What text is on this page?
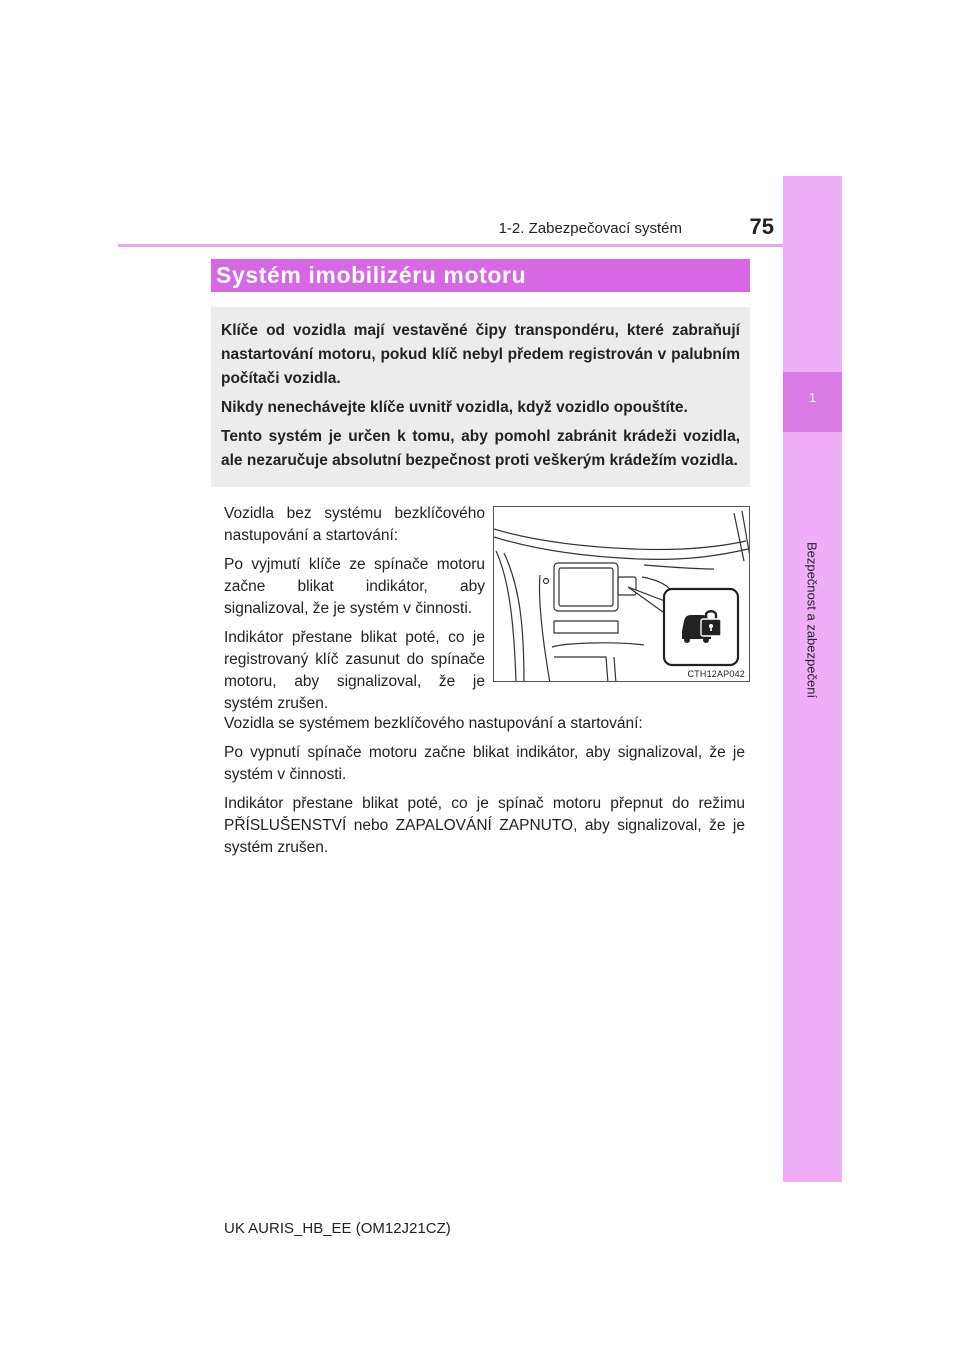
1-2. Zabezpečovací systém	75
1
Bezpečnost a zabezpečení
Systém imobilizéru motoru

Klíče od vozidla mají vestavěné čipy transpondéru, které zabraňují nastartování motoru, pokud klíč nebyl předem registrován v palubním počítači vozidla.

Nikdy nenechávejte klíče uvnitř vozidla, když vozidlo opouštíte.

Tento systém je určen k tomu, aby pomohl zabránit krádeži vozidla, ale nezaručuje absolutní bezpečnost proti veškerým krádežím vozidla.

Vozidla bez systému bezklíčového nastupování a startování:

Po vyjmutí klíče ze spínače motoru začne blikat indikátor, aby signalizoval, že je systém v činnosti.

Indikátor přestane blikat poté, co je registrovaný klíč zasunut do spínače motoru, aby signalizoval, že je systém zrušen.

CTH12AP042

Vozidla se systémem bezklíčového nastupování a startování:

Po vypnutí spínače motoru začne blikat indikátor, aby signalizoval, že je systém v činnosti.

Indikátor přestane blikat poté, co je spínač motoru přepnut do režimu PŘÍSLUŠENSTVÍ nebo ZAPALOVÁNÍ ZAPNUTO, aby signalizoval, že je systém zrušen.

UK AURIS_HB_EE (OM12J21CZ)
